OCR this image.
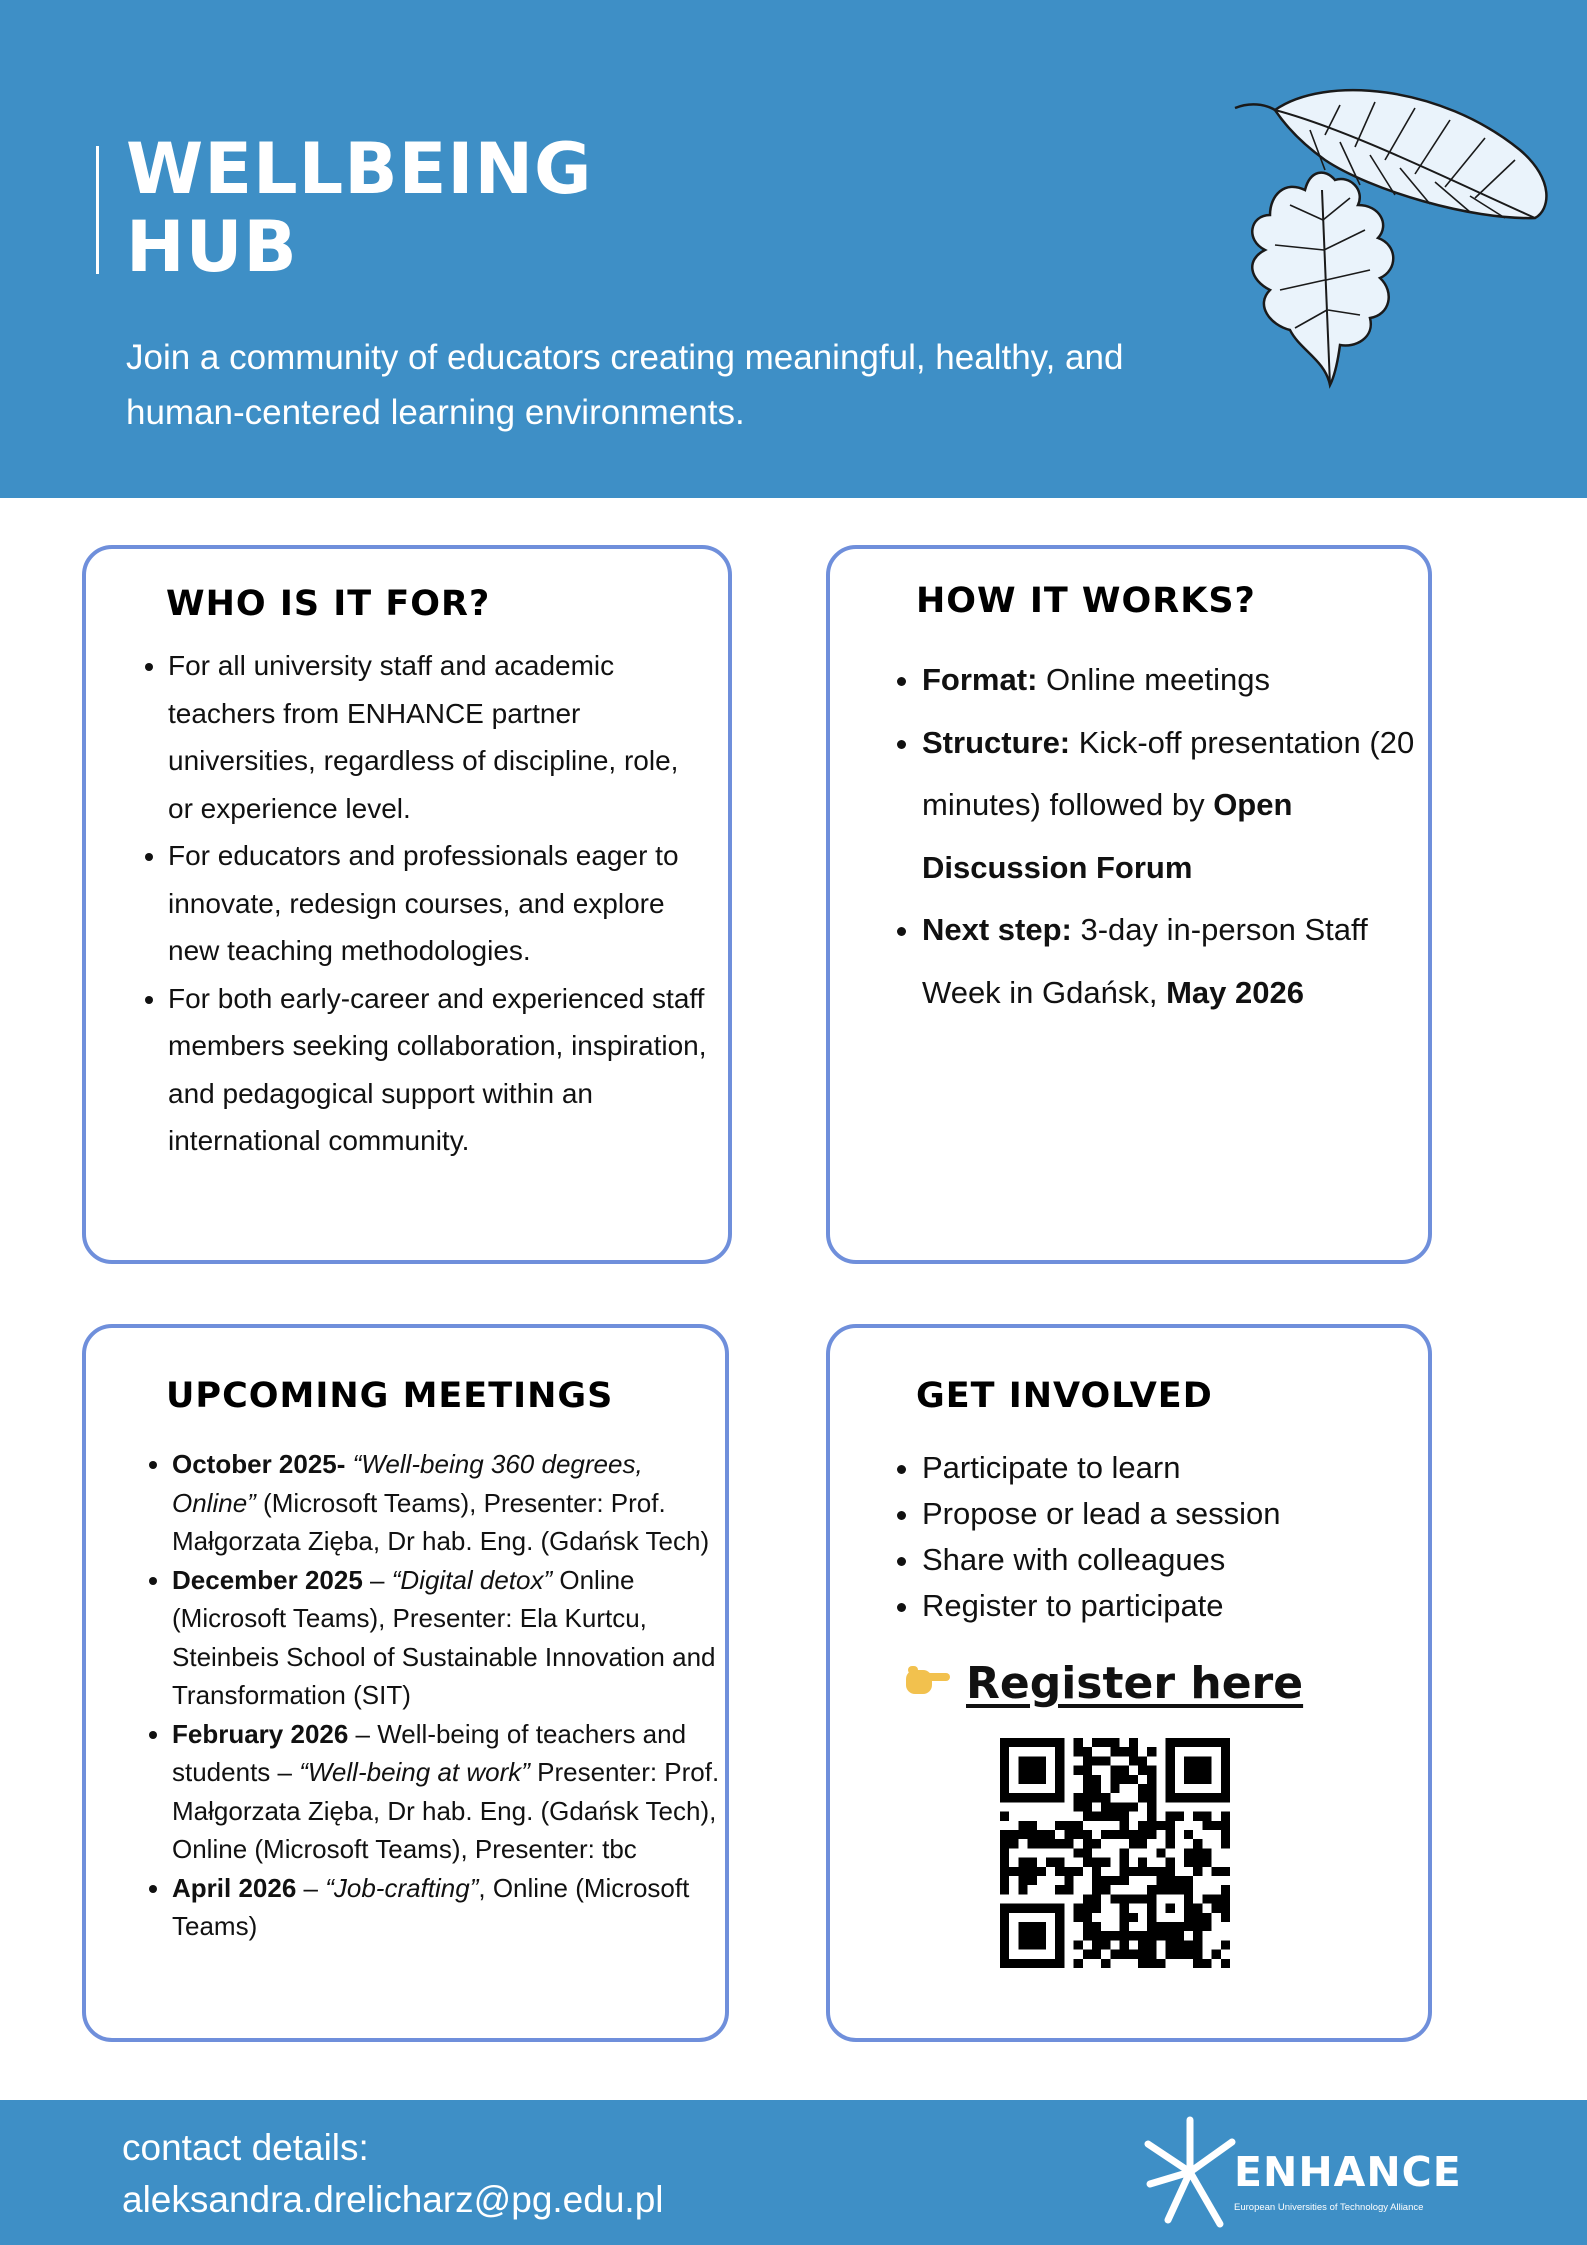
WELLBEING
HUB

Join a community of educators creating meaningful, healthy, and human-centered learning environments.

WHO IS IT FOR?
• For all university staff and academic teachers from ENHANCE partner universities, regardless of discipline, role, or experience level.
• For educators and professionals eager to innovate, redesign courses, and explore new teaching methodologies.
• For both early-career and experienced staff members seeking collaboration, inspiration, and pedagogical support within an international community.
HOW IT WORKS?
• Format: Online meetings
• Structure: Kick-off presentation (20 minutes) followed by Open Discussion Forum
• Next step: 3-day in-person Staff Week in Gdańsk, May 2026
UPCOMING MEETINGS
• October 2025- “Well-being 360 degrees, Online” (Microsoft Teams), Presenter: Prof. Małgorzata Zięba, Dr hab. Eng. (Gdańsk Tech)
• December 2025 – “Digital detox” Online (Microsoft Teams), Presenter: Ela Kurtcu, Steinbeis School of Sustainable Innovation and Transformation (SIT)
• February 2026 – Well-being of teachers and students – “Well-being at work” Presenter: Prof. Małgorzata Zięba, Dr hab. Eng. (Gdańsk Tech), Online (Microsoft Teams), Presenter: tbc
• April 2026 – “Job-crafting”, Online (Microsoft Teams)
GET INVOLVED
• Participate to learn
• Propose or lead a session
• Share with colleagues
• Register to participate
Register here
contact details:
aleksandra.drelicharz@pg.edu.pl
ENHANCE
European Universities of Technology Alliance
